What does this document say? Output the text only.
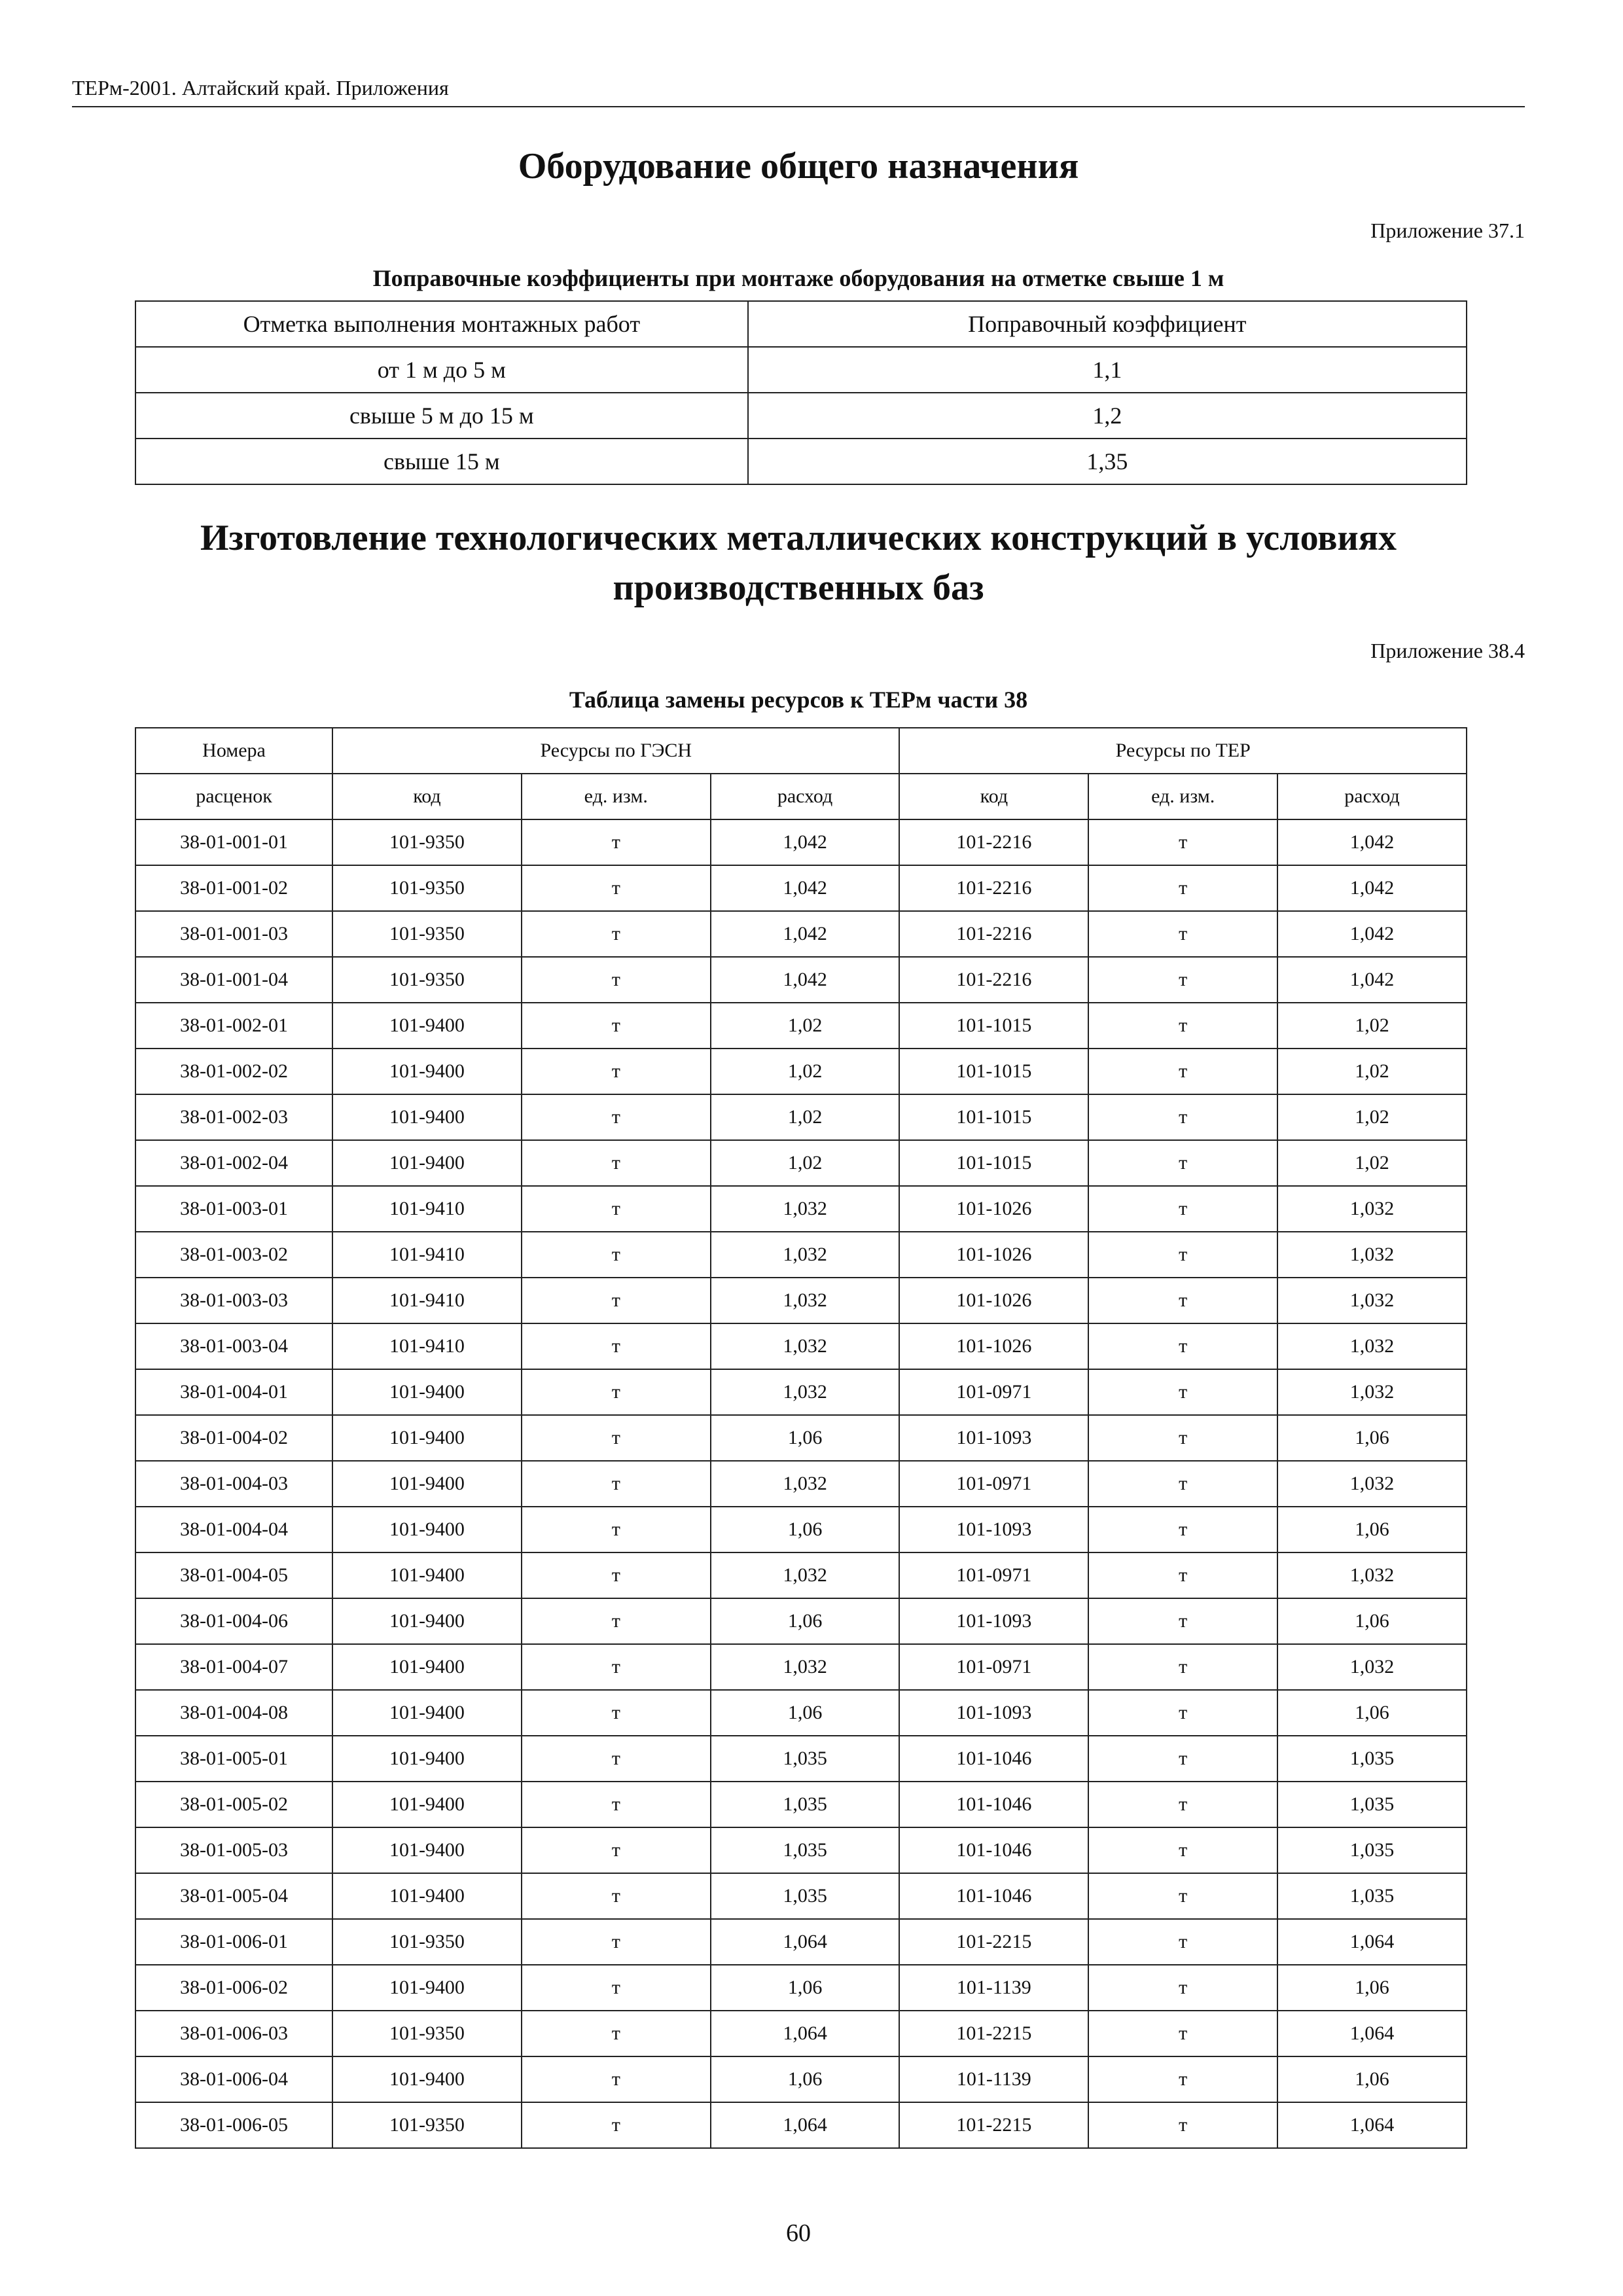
ТЕРм-2001. Алтайский край. Приложения
Оборудование общего назначения
Приложение 37.1
Поправочные коэффициенты при монтаже оборудования на отметке свыше 1 м
Отметка выполнения монтажных работ	Поправочный коэффициент
от 1 м до 5 м	1,1
свыше 5 м до 15 м	1,2
свыше 15 м	1,35
Изготовление технологических металлических конструкций в условиях
производственных баз
Приложение 38.4
Таблица замены ресурсов к ТЕРм части 38
Номера	Ресурсы по ГЭСН			Ресурсы по ТЕР		
расценок	код	ед. изм.	расход	код	ед. изм.	расход
38-01-001-01	101-9350	т	1,042	101-2216	т	1,042
38-01-001-02	101-9350	т	1,042	101-2216	т	1,042
38-01-001-03	101-9350	т	1,042	101-2216	т	1,042
38-01-001-04	101-9350	т	1,042	101-2216	т	1,042
38-01-002-01	101-9400	т	1,02	101-1015	т	1,02
38-01-002-02	101-9400	т	1,02	101-1015	т	1,02
38-01-002-03	101-9400	т	1,02	101-1015	т	1,02
38-01-002-04	101-9400	т	1,02	101-1015	т	1,02
38-01-003-01	101-9410	т	1,032	101-1026	т	1,032
38-01-003-02	101-9410	т	1,032	101-1026	т	1,032
38-01-003-03	101-9410	т	1,032	101-1026	т	1,032
38-01-003-04	101-9410	т	1,032	101-1026	т	1,032
38-01-004-01	101-9400	т	1,032	101-0971	т	1,032
38-01-004-02	101-9400	т	1,06	101-1093	т	1,06
38-01-004-03	101-9400	т	1,032	101-0971	т	1,032
38-01-004-04	101-9400	т	1,06	101-1093	т	1,06
38-01-004-05	101-9400	т	1,032	101-0971	т	1,032
38-01-004-06	101-9400	т	1,06	101-1093	т	1,06
38-01-004-07	101-9400	т	1,032	101-0971	т	1,032
38-01-004-08	101-9400	т	1,06	101-1093	т	1,06
38-01-005-01	101-9400	т	1,035	101-1046	т	1,035
38-01-005-02	101-9400	т	1,035	101-1046	т	1,035
38-01-005-03	101-9400	т	1,035	101-1046	т	1,035
38-01-005-04	101-9400	т	1,035	101-1046	т	1,035
38-01-006-01	101-9350	т	1,064	101-2215	т	1,064
38-01-006-02	101-9400	т	1,06	101-1139	т	1,06
38-01-006-03	101-9350	т	1,064	101-2215	т	1,064
38-01-006-04	101-9400	т	1,06	101-1139	т	1,06
38-01-006-05	101-9350	т	1,064	101-2215	т	1,064
60
